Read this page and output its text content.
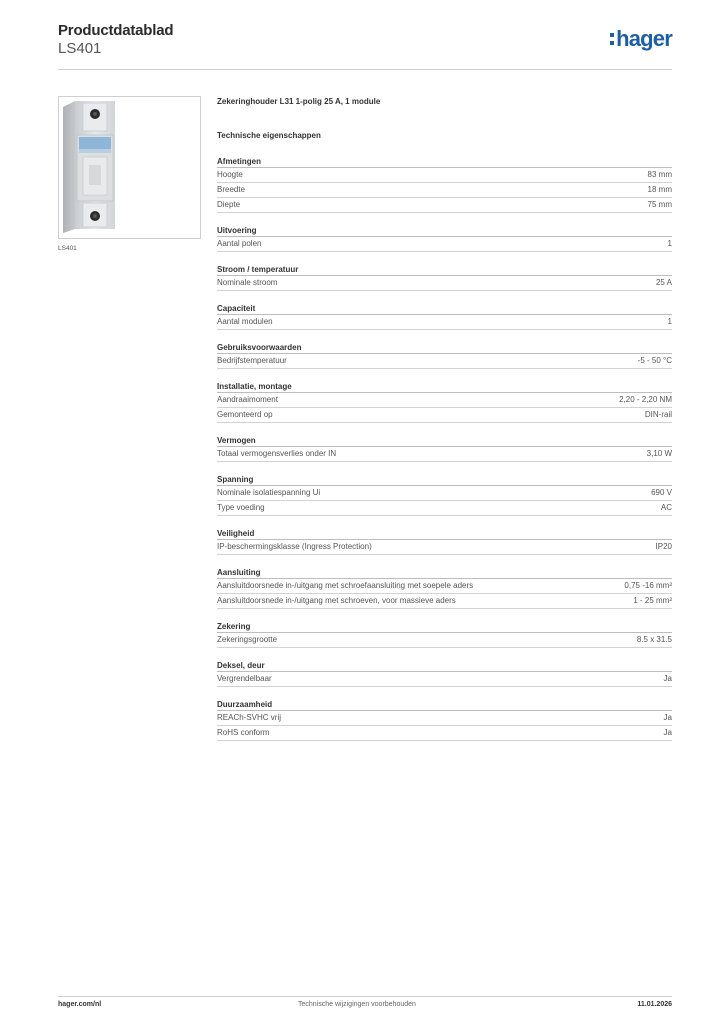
Productdatablad
LS401	hager
LS401
Zekeringhouder L31 1-polig 25 A, 1 module
Technische eigenschappen
Afmetingen
Hoogte	83 mm
Breedte	18 mm
Diepte	75 mm
Uitvoering
Aantal polen	1
Stroom / temperatuur
Nominale stroom	25 A
Capaciteit
Aantal modulen	1
Gebruiksvoorwaarden
Bedrijfstemperatuur	-5 - 50 °C
Installatie, montage
Aandraaimoment	2,20 - 2,20 NM
Gemonteerd op	DIN-rail
Vermogen
Totaal vermogensverlies onder IN	3,10 W
Spanning
Nominale isolatiespanning Ui	690 V
Type voeding	AC
Veiligheid
IP-beschermingsklasse (Ingress Protection)	IP20
Aansluiting
Aansluitdoorsnede in-/uitgang met schroefaansluiting met soepele aders	0,75 -16 mm²
Aansluitdoorsnede in-/uitgang met schroeven, voor massieve aders	1 - 25 mm²
Zekering
Zekeringsgrootte	8.5 x 31.5
Deksel, deur
Vergrendelbaar	Ja
Duurzaamheid
REACh-SVHC vrij	Ja
RoHS conform	Ja
hager.com/nl	Technische wijzigingen voorbehouden	11.01.2026
